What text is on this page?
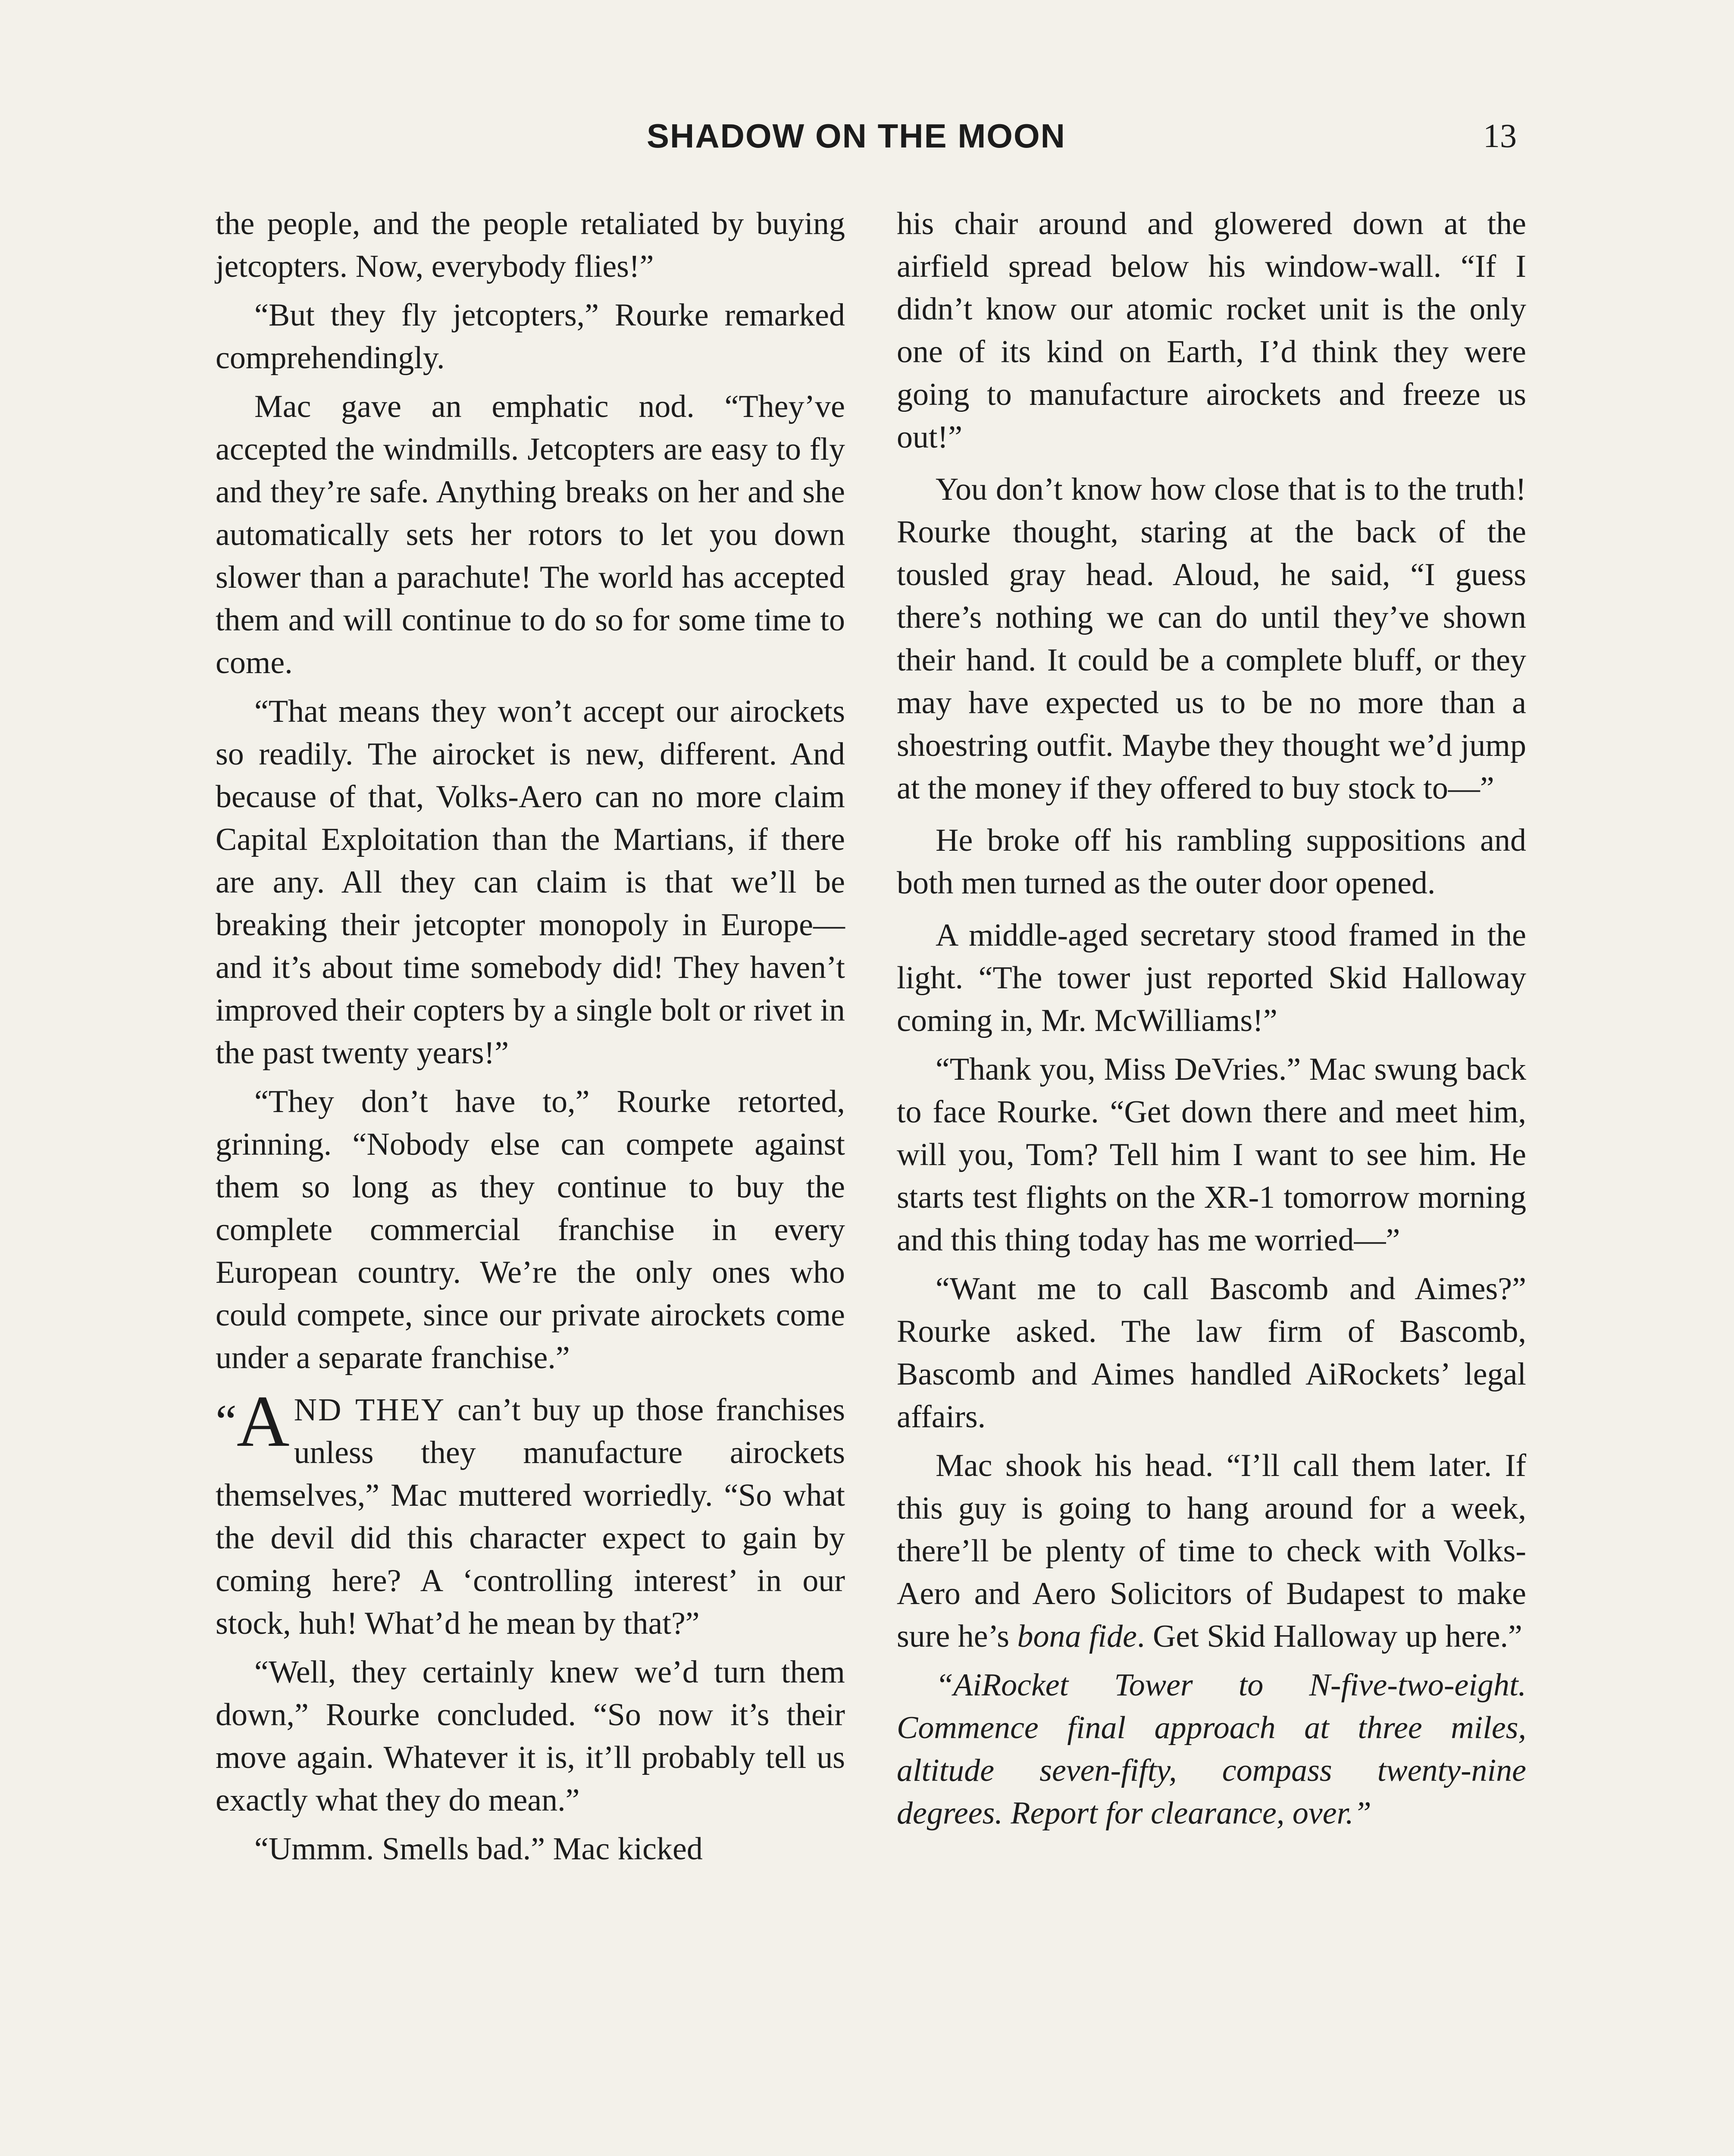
SHADOW ON THE MOON	13

the people, and the people retaliated by buying jetcopters. Now, everybody flies!”

“But they fly jetcopters,” Rourke remarked comprehendingly.

Mac gave an emphatic nod. “They’ve accepted the windmills. Jetcopters are easy to fly and they’re safe. Anything breaks on her and she automatically sets her rotors to let you down slower than a parachute! The world has accepted them and will continue to do so for some time to come.

“That means they won’t accept our airockets so readily. The airocket is new, different. And because of that, Volks-Aero can no more claim Capital Exploitation than the Martians, if there are any. All they can claim is that we’ll be breaking their jetcopter monopoly in Europe—and it’s about time somebody did! They haven’t improved their copters by a single bolt or rivet in the past twenty years!”

“They don’t have to,” Rourke retorted, grinning. “Nobody else can compete against them so long as they continue to buy the complete commercial franchise in every European country. We’re the only ones who could compete, since our private airockets come under a separate franchise.”

“A ND THEY can’t buy up those franchises unless they manufacture airockets themselves,” Mac muttered worriedly. “So what the devil did this character expect to gain by coming here? A ‘controlling interest’ in our stock, huh! What’d he mean by that?”

“Well, they certainly knew we’d turn them down,” Rourke concluded. “So now it’s their move again. Whatever it is, it’ll probably tell us exactly what they do mean.”

“Ummm. Smells bad.” Mac kicked

his chair around and glowered down at the airfield spread below his window-wall. “If I didn’t know our atomic rocket unit is the only one of its kind on Earth, I’d think they were going to manufacture airockets and freeze us out!”

You don’t know how close that is to the truth! Rourke thought, staring at the back of the tousled gray head. Aloud, he said, “I guess there’s nothing we can do until they’ve shown their hand. It could be a complete bluff, or they may have expected us to be no more than a shoestring outfit. Maybe they thought we’d jump at the money if they offered to buy stock to—”

He broke off his rambling suppositions and both men turned as the outer door opened.

A middle-aged secretary stood framed in the light. “The tower just reported Skid Halloway coming in, Mr. McWilliams!”

“Thank you, Miss DeVries.” Mac swung back to face Rourke. “Get down there and meet him, will you, Tom? Tell him I want to see him. He starts test flights on the XR-1 tomorrow morning and this thing today has me worried—”

“Want me to call Bascomb and Aimes?” Rourke asked. The law firm of Bascomb, Bascomb and Aimes handled AiRockets’ legal affairs.

Mac shook his head. “I’ll call them later. If this guy is going to hang around for a week, there’ll be plenty of time to check with Volks-Aero and Aero Solicitors of Budapest to make sure he’s bona fide. Get Skid Halloway up here.”

“AiRocket Tower to N-five-two-eight. Commence final approach at three miles, altitude seven-fifty, compass twenty-nine degrees. Report for clearance, over.”
